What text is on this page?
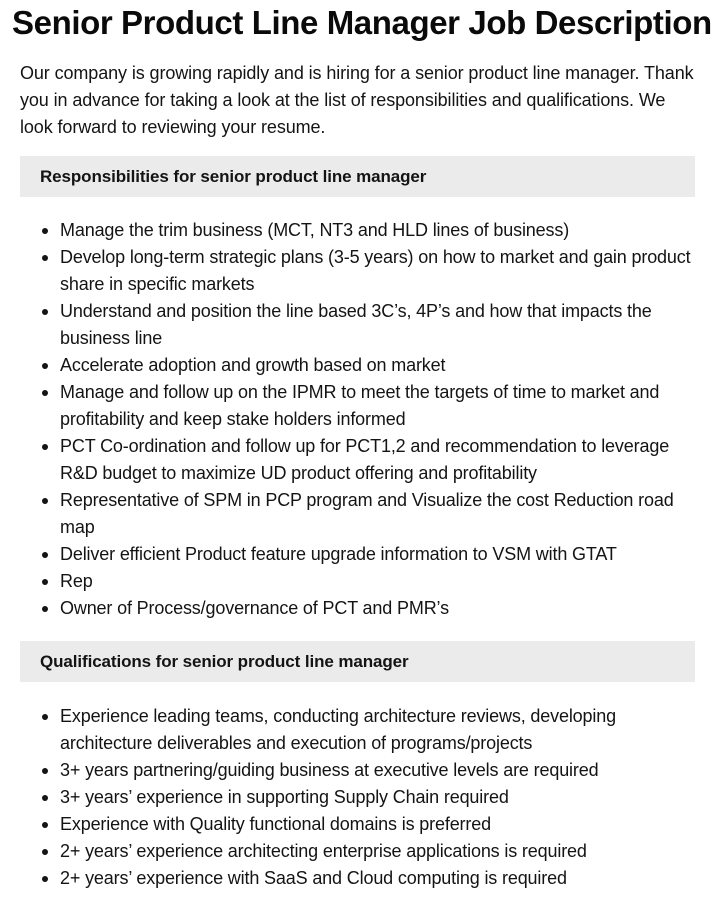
Senior Product Line Manager Job Description

Our company is growing rapidly and is hiring for a senior product line manager. Thank you in advance for taking a look at the list of responsibilities and qualifications. We look forward to reviewing your resume.

Responsibilities for senior product line manager
Manage the trim business (MCT, NT3 and HLD lines of business)
Develop long-term strategic plans (3-5 years) on how to market and gain product share in specific markets
Understand and position the line based 3C’s, 4P’s and how that impacts the business line
Accelerate adoption and growth based on market
Manage and follow up on the IPMR to meet the targets of time to market and profitability and keep stake holders informed
PCT Co-ordination and follow up for PCT1,2 and recommendation to leverage R&D budget to maximize UD product offering and profitability
Representative of SPM in PCP program and Visualize the cost Reduction road map
Deliver efficient Product feature upgrade information to VSM with GTAT
Rep
Owner of Process/governance of PCT and PMR’s
Qualifications for senior product line manager
Experience leading teams, conducting architecture reviews, developing architecture deliverables and execution of programs/projects
3+ years partnering/guiding business at executive levels are required
3+ years’ experience in supporting Supply Chain required
Experience with Quality functional domains is preferred
2+ years’ experience architecting enterprise applications is required
2+ years’ experience with SaaS and Cloud computing is required
